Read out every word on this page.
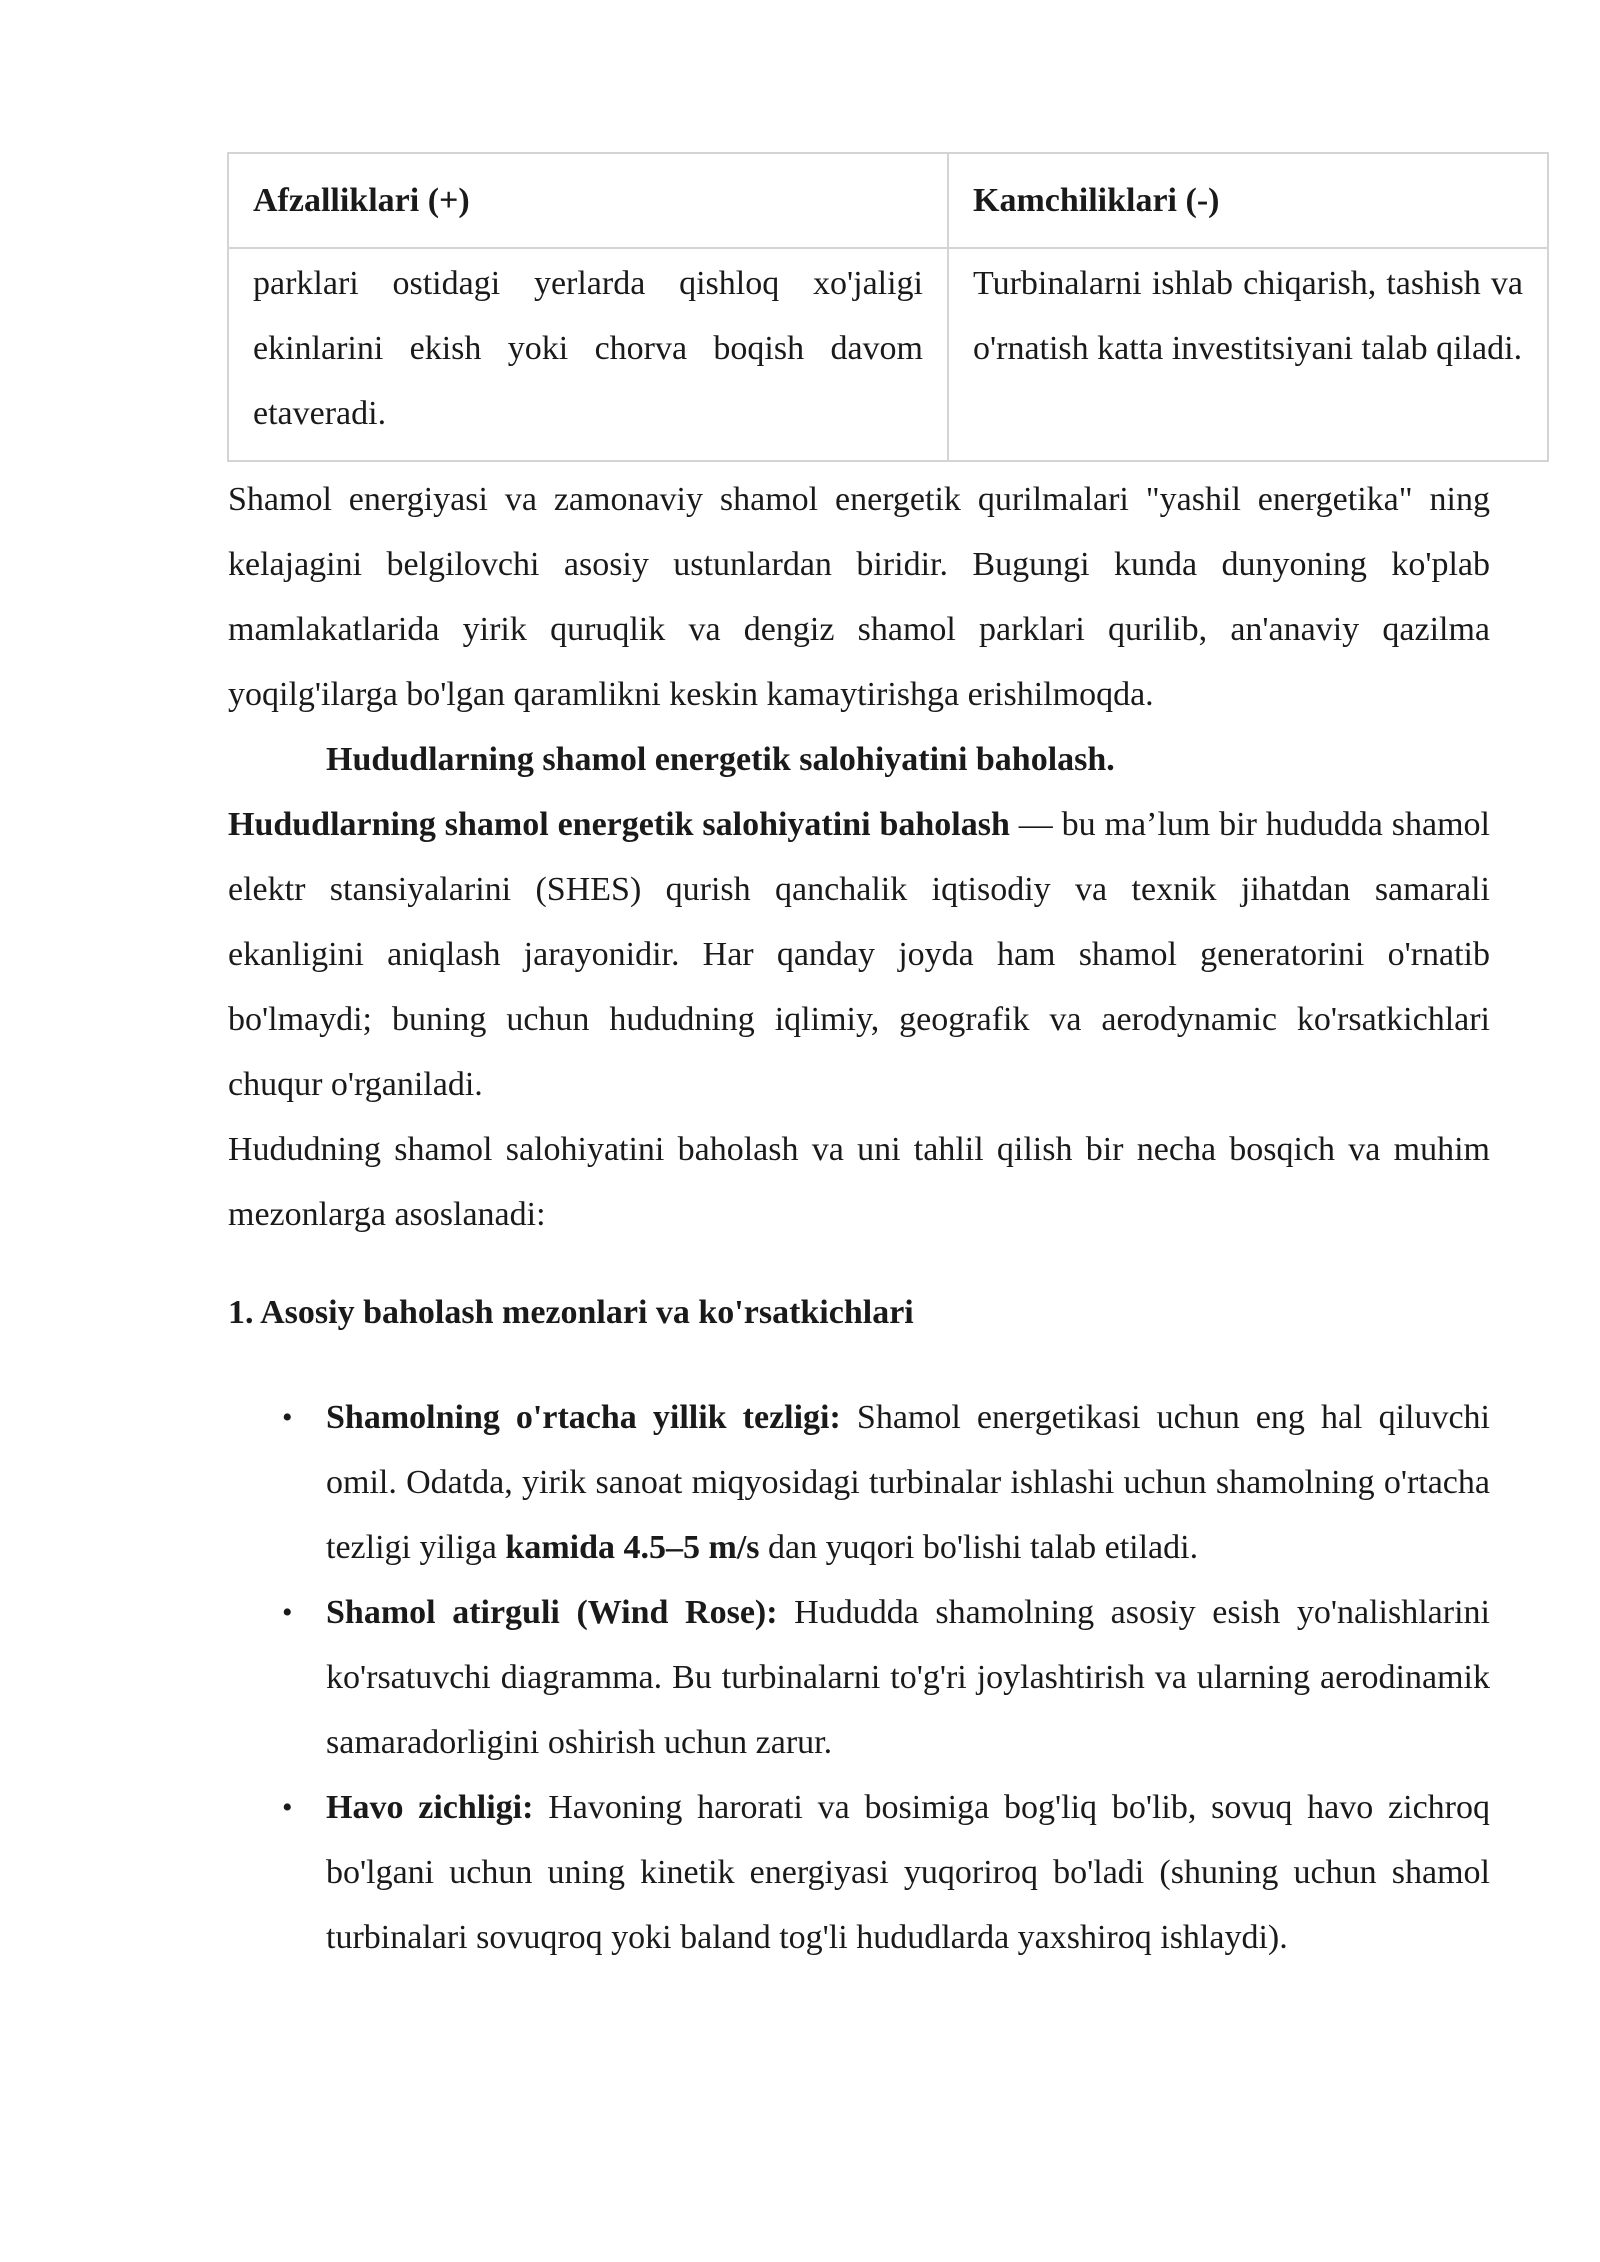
Afzalliklari (+)	Kamchiliklari (-)
parklari ostidagi yerlarda qishloq xo'jaligi ekinlarini ekish yoki chorva boqish davom etaveradi.	Turbinalarni ishlab chiqarish, tashish va o'rnatish katta investitsiyani talab qiladi.

Shamol energiyasi va zamonaviy shamol energetik qurilmalari "yashil energetika" ning kelajagini belgilovchi asosiy ustunlardan biridir. Bugungi kunda dunyoning ko'plab mamlakatlarida yirik quruqlik va dengiz shamol parklari qurilib, an'anaviy qazilma yoqilg'ilarga bo'lgan qaramlikni keskin kamaytirishga erishilmoqda.

Hududlarning shamol energetik salohiyatini baholash.

Hududlarning shamol energetik salohiyatini baholash — bu ma’lum bir hududda shamol elektr stansiyalarini (SHES) qurish qanchalik iqtisodiy va texnik jihatdan samarali ekanligini aniqlash jarayonidir. Har qanday joyda ham shamol generatorini o'rnatib bo'lmaydi; buning uchun hududning iqlimiy, geografik va aerodynamic ko'rsatkichlari chuqur o'rganiladi.

Hududning shamol salohiyatini baholash va uni tahlil qilish bir necha bosqich va muhim mezonlarga asoslanadi:

1. Asosiy baholash mezonlari va ko'rsatkichlari

• Shamolning o'rtacha yillik tezligi: Shamol energetikasi uchun eng hal qiluvchi omil. Odatda, yirik sanoat miqyosidagi turbinalar ishlashi uchun shamolning o'rtacha tezligi yiliga kamida 4.5–5 m/s dan yuqori bo'lishi talab etiladi.
• Shamol atirguli (Wind Rose): Hududda shamolning asosiy esish yo'nalishlarini ko'rsatuvchi diagramma. Bu turbinalarni to'g'ri joylashtirish va ularning aerodinamik samaradorligini oshirish uchun zarur.
• Havo zichligi: Havoning harorati va bosimiga bog'liq bo'lib, sovuq havo zichroq bo'lgani uchun uning kinetik energiyasi yuqoriroq bo'ladi (shuning uchun shamol turbinalari sovuqroq yoki baland tog'li hududlarda yaxshiroq ishlaydi).
